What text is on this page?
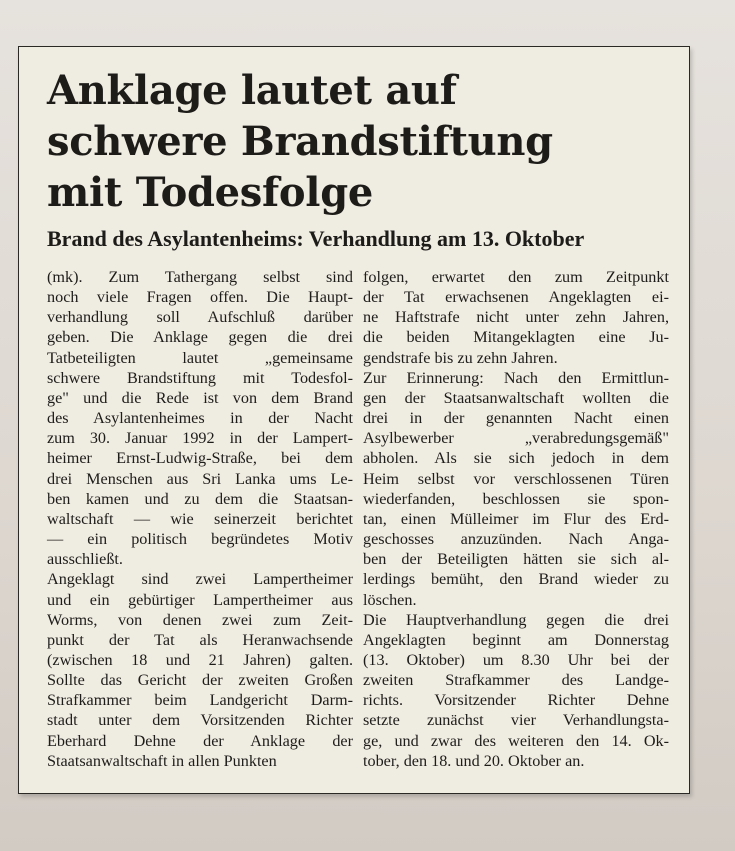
Anklage lautet auf
schwere Brandstiftung
mit Todesfolge
Brand des Asylantenheims: Verhandlung am 13. Oktober
(mk). Zum Tathergang selbst sind
noch viele Fragen offen. Die Haupt-
verhandlung soll Aufschluß darüber
geben. Die Anklage gegen die drei
Tatbeteiligten lautet „gemeinsame
schwere Brandstiftung mit Todesfol-
ge" und die Rede ist von dem Brand
des Asylantenheimes in der Nacht
zum 30. Januar 1992 in der Lampert-
heimer Ernst-Ludwig-Straße, bei dem
drei Menschen aus Sri Lanka ums Le-
ben kamen und zu dem die Staatsan-
waltschaft — wie seinerzeit berichtet
— ein politisch begründetes Motiv
ausschließt.
Angeklagt sind zwei Lampertheimer
und ein gebürtiger Lampertheimer aus
Worms, von denen zwei zum Zeit-
punkt der Tat als Heranwachsende
(zwischen 18 und 21 Jahren) galten.
Sollte das Gericht der zweiten Großen
Strafkammer beim Landgericht Darm-
stadt unter dem Vorsitzenden Richter
Eberhard Dehne der Anklage der
Staatsanwaltschaft in allen Punkten
folgen, erwartet den zum Zeitpunkt
der Tat erwachsenen Angeklagten ei-
ne Haftstrafe nicht unter zehn Jahren,
die beiden Mitangeklagten eine Ju-
gendstrafe bis zu zehn Jahren.
Zur Erinnerung: Nach den Ermittlun-
gen der Staatsanwaltschaft wollten die
drei in der genannten Nacht einen
Asylbewerber „verabredungsgemäß"
abholen. Als sie sich jedoch in dem
Heim selbst vor verschlossenen Türen
wiederfanden, beschlossen sie spon-
tan, einen Mülleimer im Flur des Erd-
geschosses anzuzünden. Nach Anga-
ben der Beteiligten hätten sie sich al-
lerdings bemüht, den Brand wieder zu
löschen.
Die Hauptverhandlung gegen die drei
Angeklagten beginnt am Donnerstag
(13. Oktober) um 8.30 Uhr bei der
zweiten Strafkammer des Landge-
richts. Vorsitzender Richter Dehne
setzte zunächst vier Verhandlungsta-
ge, und zwar des weiteren den 14. Ok-
tober, den 18. und 20. Oktober an.
